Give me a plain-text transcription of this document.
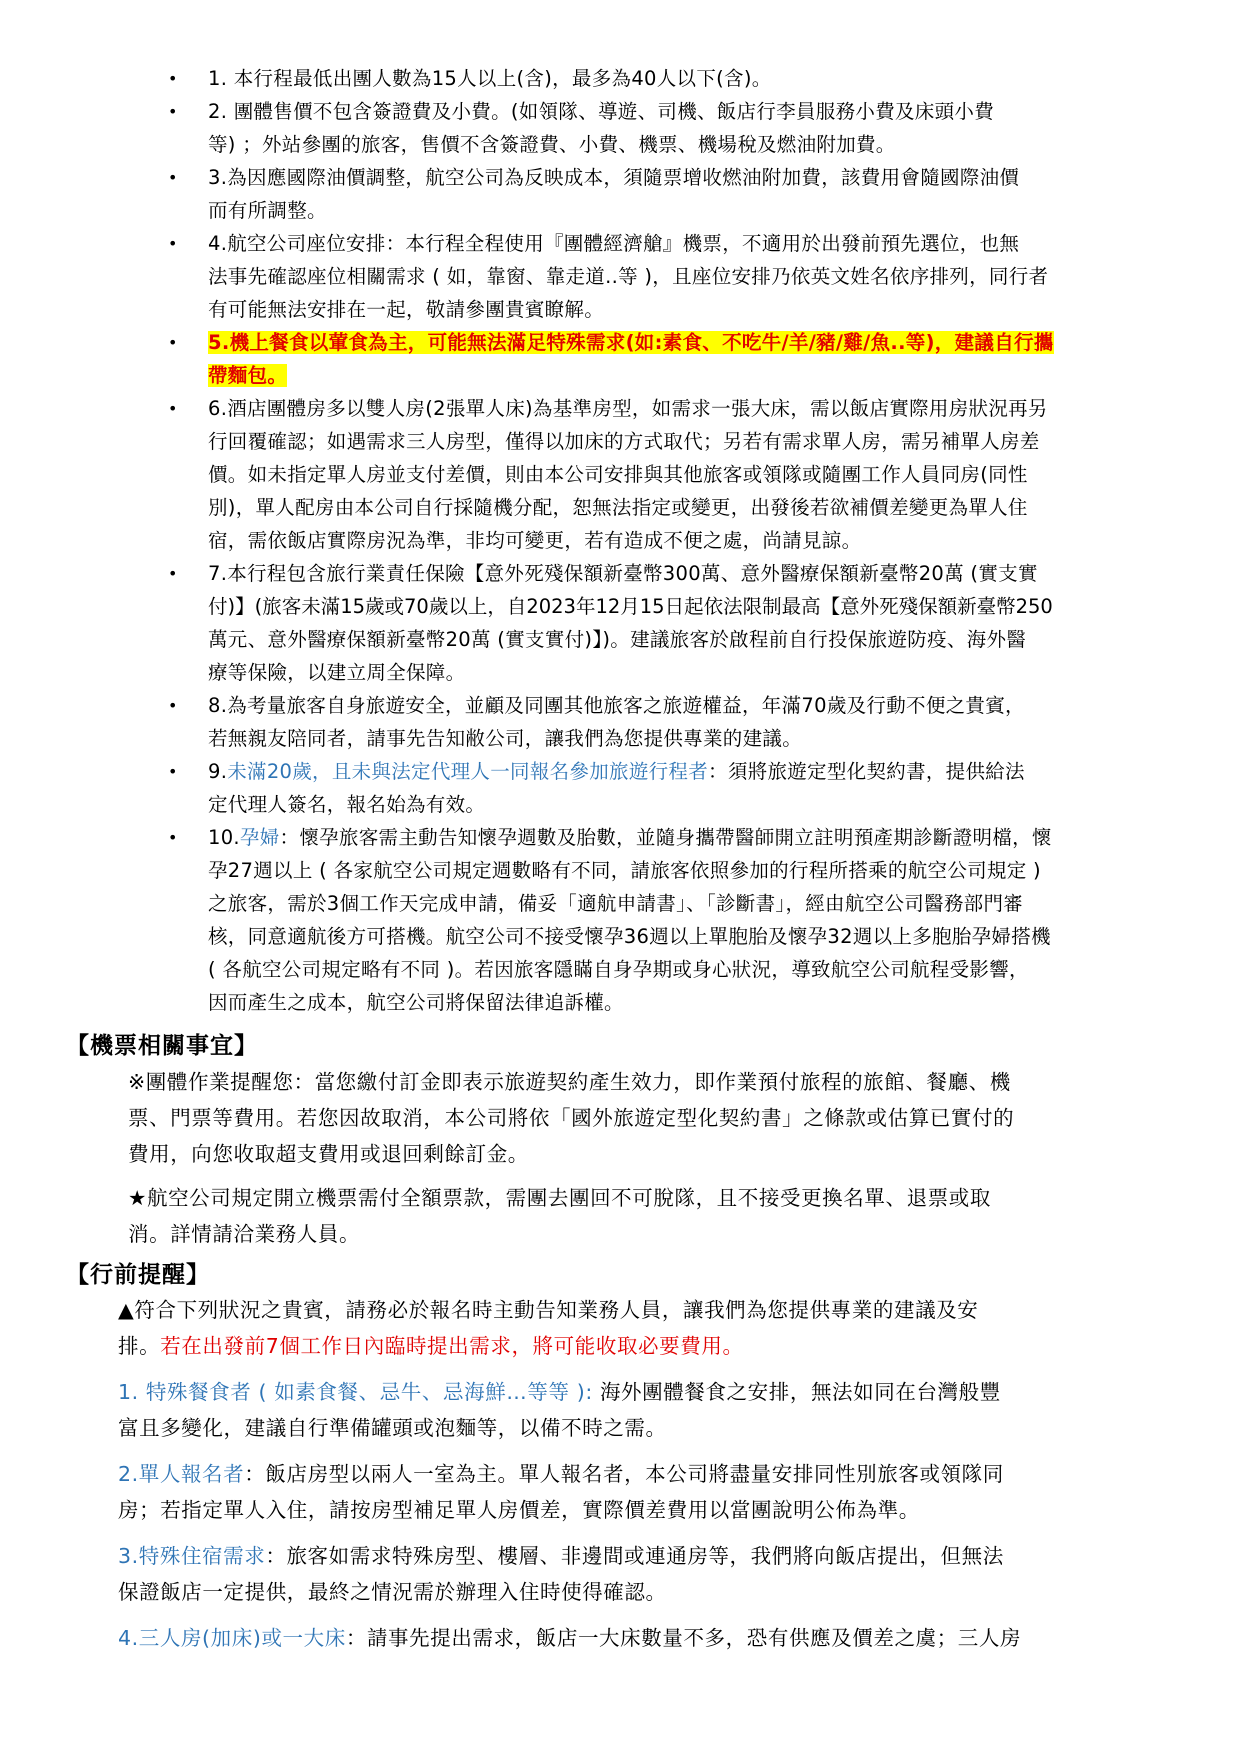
• 1. 本行程最低出團人數為15人以上(含)，最多為40人以下(含)。
• 2. 團體售價不包含簽證費及小費。(如領隊、導遊、司機、飯店行李員服務小費及床頭小費
等) ；外站參團的旅客，售價不含簽證費、小費、機票、機場稅及燃油附加費。
• 3.為因應國際油價調整，航空公司為反映成本，須隨票增收燃油附加費，該費用會隨國際油價
而有所調整。
• 4.航空公司座位安排：本行程全程使用『團體經濟艙』機票，不適用於出發前預先選位，也無
法事先確認座位相關需求 ( 如，靠窗、靠走道..等 )，且座位安排乃依英文姓名依序排列，同行者
有可能無法安排在一起，敬請參團貴賓瞭解。
• 5.機上餐食以葷食為主，可能無法滿足特殊需求(如:素食、不吃牛/羊/豬/雞/魚..等)，建議自行攜
帶麵包。
• 6.酒店團體房多以雙人房(2張單人床)為基準房型，如需求一張大床，需以飯店實際用房狀況再另
行回覆確認；如遇需求三人房型，僅得以加床的方式取代；另若有需求單人房，需另補單人房差
價。如未指定單人房並支付差價，則由本公司安排與其他旅客或領隊或隨團工作人員同房(同性
別)，單人配房由本公司自行採隨機分配，恕無法指定或變更，出發後若欲補價差變更為單人住
宿，需依飯店實際房況為準，非均可變更，若有造成不便之處，尚請見諒。
• 7.本行程包含旅行業責任保險【意外死殘保額新臺幣300萬、意外醫療保額新臺幣20萬 (實支實
付)】(旅客未滿15歲或70歲以上，自2023年12月15日起依法限制最高【意外死殘保額新臺幣250
萬元、意外醫療保額新臺幣20萬 (實支實付)】)。建議旅客於啟程前自行投保旅遊防疫、海外醫
療等保險，以建立周全保障。
• 8.為考量旅客自身旅遊安全，並顧及同團其他旅客之旅遊權益，年滿70歲及行動不便之貴賓，
若無親友陪同者，請事先告知敝公司，讓我們為您提供專業的建議。
• 9.未滿20歲，且未與法定代理人一同報名參加旅遊行程者：須將旅遊定型化契約書，提供給法
定代理人簽名，報名始為有效。
• 10.孕婦：懷孕旅客需主動告知懷孕週數及胎數，並隨身攜帶醫師開立註明預產期診斷證明檔，懷
孕27週以上 ( 各家航空公司規定週數略有不同，請旅客依照參加的行程所搭乘的航空公司規定 )
之旅客，需於3個工作天完成申請，備妥「適航申請書」、「診斷書」，經由航空公司醫務部門審
核，同意適航後方可搭機。航空公司不接受懷孕36週以上單胞胎及懷孕32週以上多胞胎孕婦搭機
( 各航空公司規定略有不同 )。若因旅客隱瞞自身孕期或身心狀況，導致航空公司航程受影響，
因而產生之成本，航空公司將保留法律追訴權。
【機票相關事宜】
※團體作業提醒您：當您繳付訂金即表示旅遊契約產生效力，即作業預付旅程的旅館、餐廳、機
票、門票等費用。若您因故取消，本公司將依「國外旅遊定型化契約書」之條款或估算已實付的
費用，向您收取超支費用或退回剩餘訂金。
★航空公司規定開立機票需付全額票款，需團去團回不可脫隊，且不接受更換名單、退票或取
消。詳情請洽業務人員。
【行前提醒】
▲符合下列狀況之貴賓，請務必於報名時主動告知業務人員，讓我們為您提供專業的建議及安
排。若在出發前7個工作日內臨時提出需求，將可能收取必要費用。
1. 特殊餐食者 ( 如素食餐、忌牛、忌海鮮…等等 ): 海外團體餐食之安排，無法如同在台灣般豐
富且多變化，建議自行準備罐頭或泡麵等，以備不時之需。
2.單人報名者：飯店房型以兩人一室為主。單人報名者，本公司將盡量安排同性別旅客或領隊同
房；若指定單人入住，請按房型補足單人房價差，實際價差費用以當團說明公佈為準。
3.特殊住宿需求：旅客如需求特殊房型、樓層、非邊間或連通房等，我們將向飯店提出，但無法
保證飯店一定提供，最終之情況需於辦理入住時使得確認。
4.三人房(加床)或一大床：請事先提出需求，飯店一大床數量不多，恐有供應及價差之虞；三人房
